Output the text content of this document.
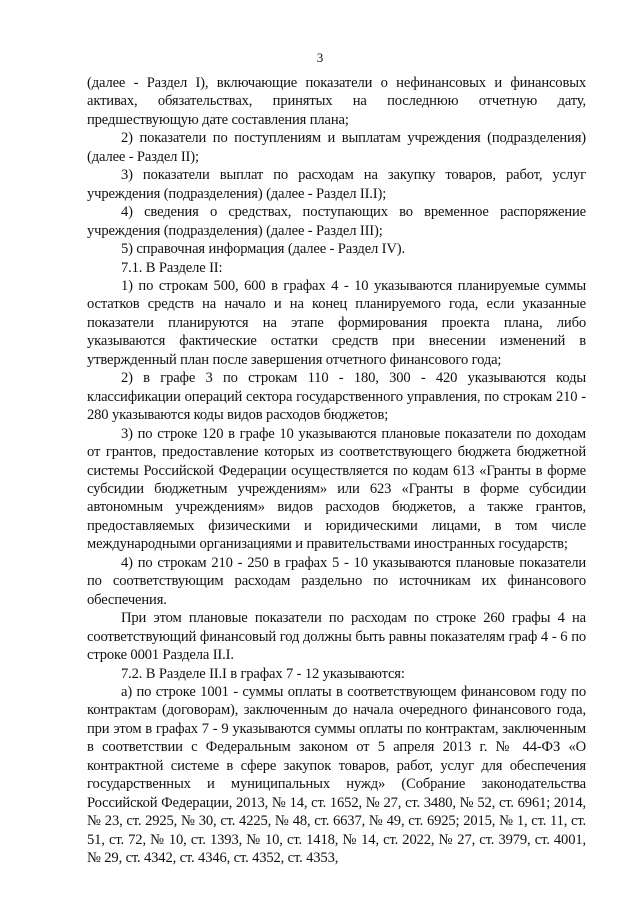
3

(далее - Раздел I), включающие показатели о нефинансовых и финансовых активах, обязательствах, принятых на последнюю отчетную дату, предшествующую дате составления плана;

2) показатели по поступлениям и выплатам учреждения (подразделения) (далее - Раздел II);

3) показатели выплат по расходам на закупку товаров, работ, услуг учреждения (подразделения) (далее - Раздел II.I);

4) сведения о средствах, поступающих во временное распоряжение учреждения (подразделения) (далее - Раздел III);

5) справочная информация (далее - Раздел IV).

7.1. В Разделе II:

1) по строкам 500, 600 в графах 4 - 10 указываются планируемые суммы остатков средств на начало и на конец планируемого года, если указанные показатели планируются на этапе формирования проекта плана, либо указываются фактические остатки средств при внесении изменений в утвержденный план после завершения отчетного финансового года;

2) в графе 3 по строкам 110 - 180, 300 - 420 указываются коды классификации операций сектора государственного управления, по строкам 210 - 280 указываются коды видов расходов бюджетов;

3) по строке 120 в графе 10 указываются плановые показатели по доходам от грантов, предоставление которых из соответствующего бюджета бюджетной системы Российской Федерации осуществляется по кодам 613 «Гранты в форме субсидии бюджетным учреждениям» или 623 «Гранты в форме субсидии автономным учреждениям» видов расходов бюджетов, а также грантов, предоставляемых физическими и юридическими лицами, в том числе международными организациями и правительствами иностранных государств;

4) по строкам 210 - 250 в графах 5 - 10 указываются плановые показатели по соответствующим расходам раздельно по источникам их финансового обеспечения.

При этом плановые показатели по расходам по строке 260 графы 4 на соответствующий финансовый год должны быть равны показателям граф 4 - 6 по строке 0001 Раздела II.I.

7.2. В Разделе II.I в графах 7 - 12 указываются:

а) по строке 1001 - суммы оплаты в соответствующем финансовом году по контрактам (договорам), заключенным до начала очередного финансового года, при этом в графах 7 - 9 указываются суммы оплаты по контрактам, заключенным в соответствии с Федеральным законом от 5 апреля 2013 г. № 44-ФЗ «О контрактной системе в сфере закупок товаров, работ, услуг для обеспечения государственных и муниципальных нужд» (Собрание законодательства Российской Федерации, 2013, № 14, ст. 1652, № 27, ст. 3480, № 52, ст. 6961; 2014, № 23, ст. 2925, № 30, ст. 4225, № 48, ст. 6637, № 49, ст. 6925; 2015, № 1, ст. 11, ст. 51, ст. 72, № 10, ст. 1393, № 10, ст. 1418, № 14, ст. 2022, № 27, ст. 3979, ст. 4001, № 29, ст. 4342, ст. 4346, ст. 4352, ст. 4353,
